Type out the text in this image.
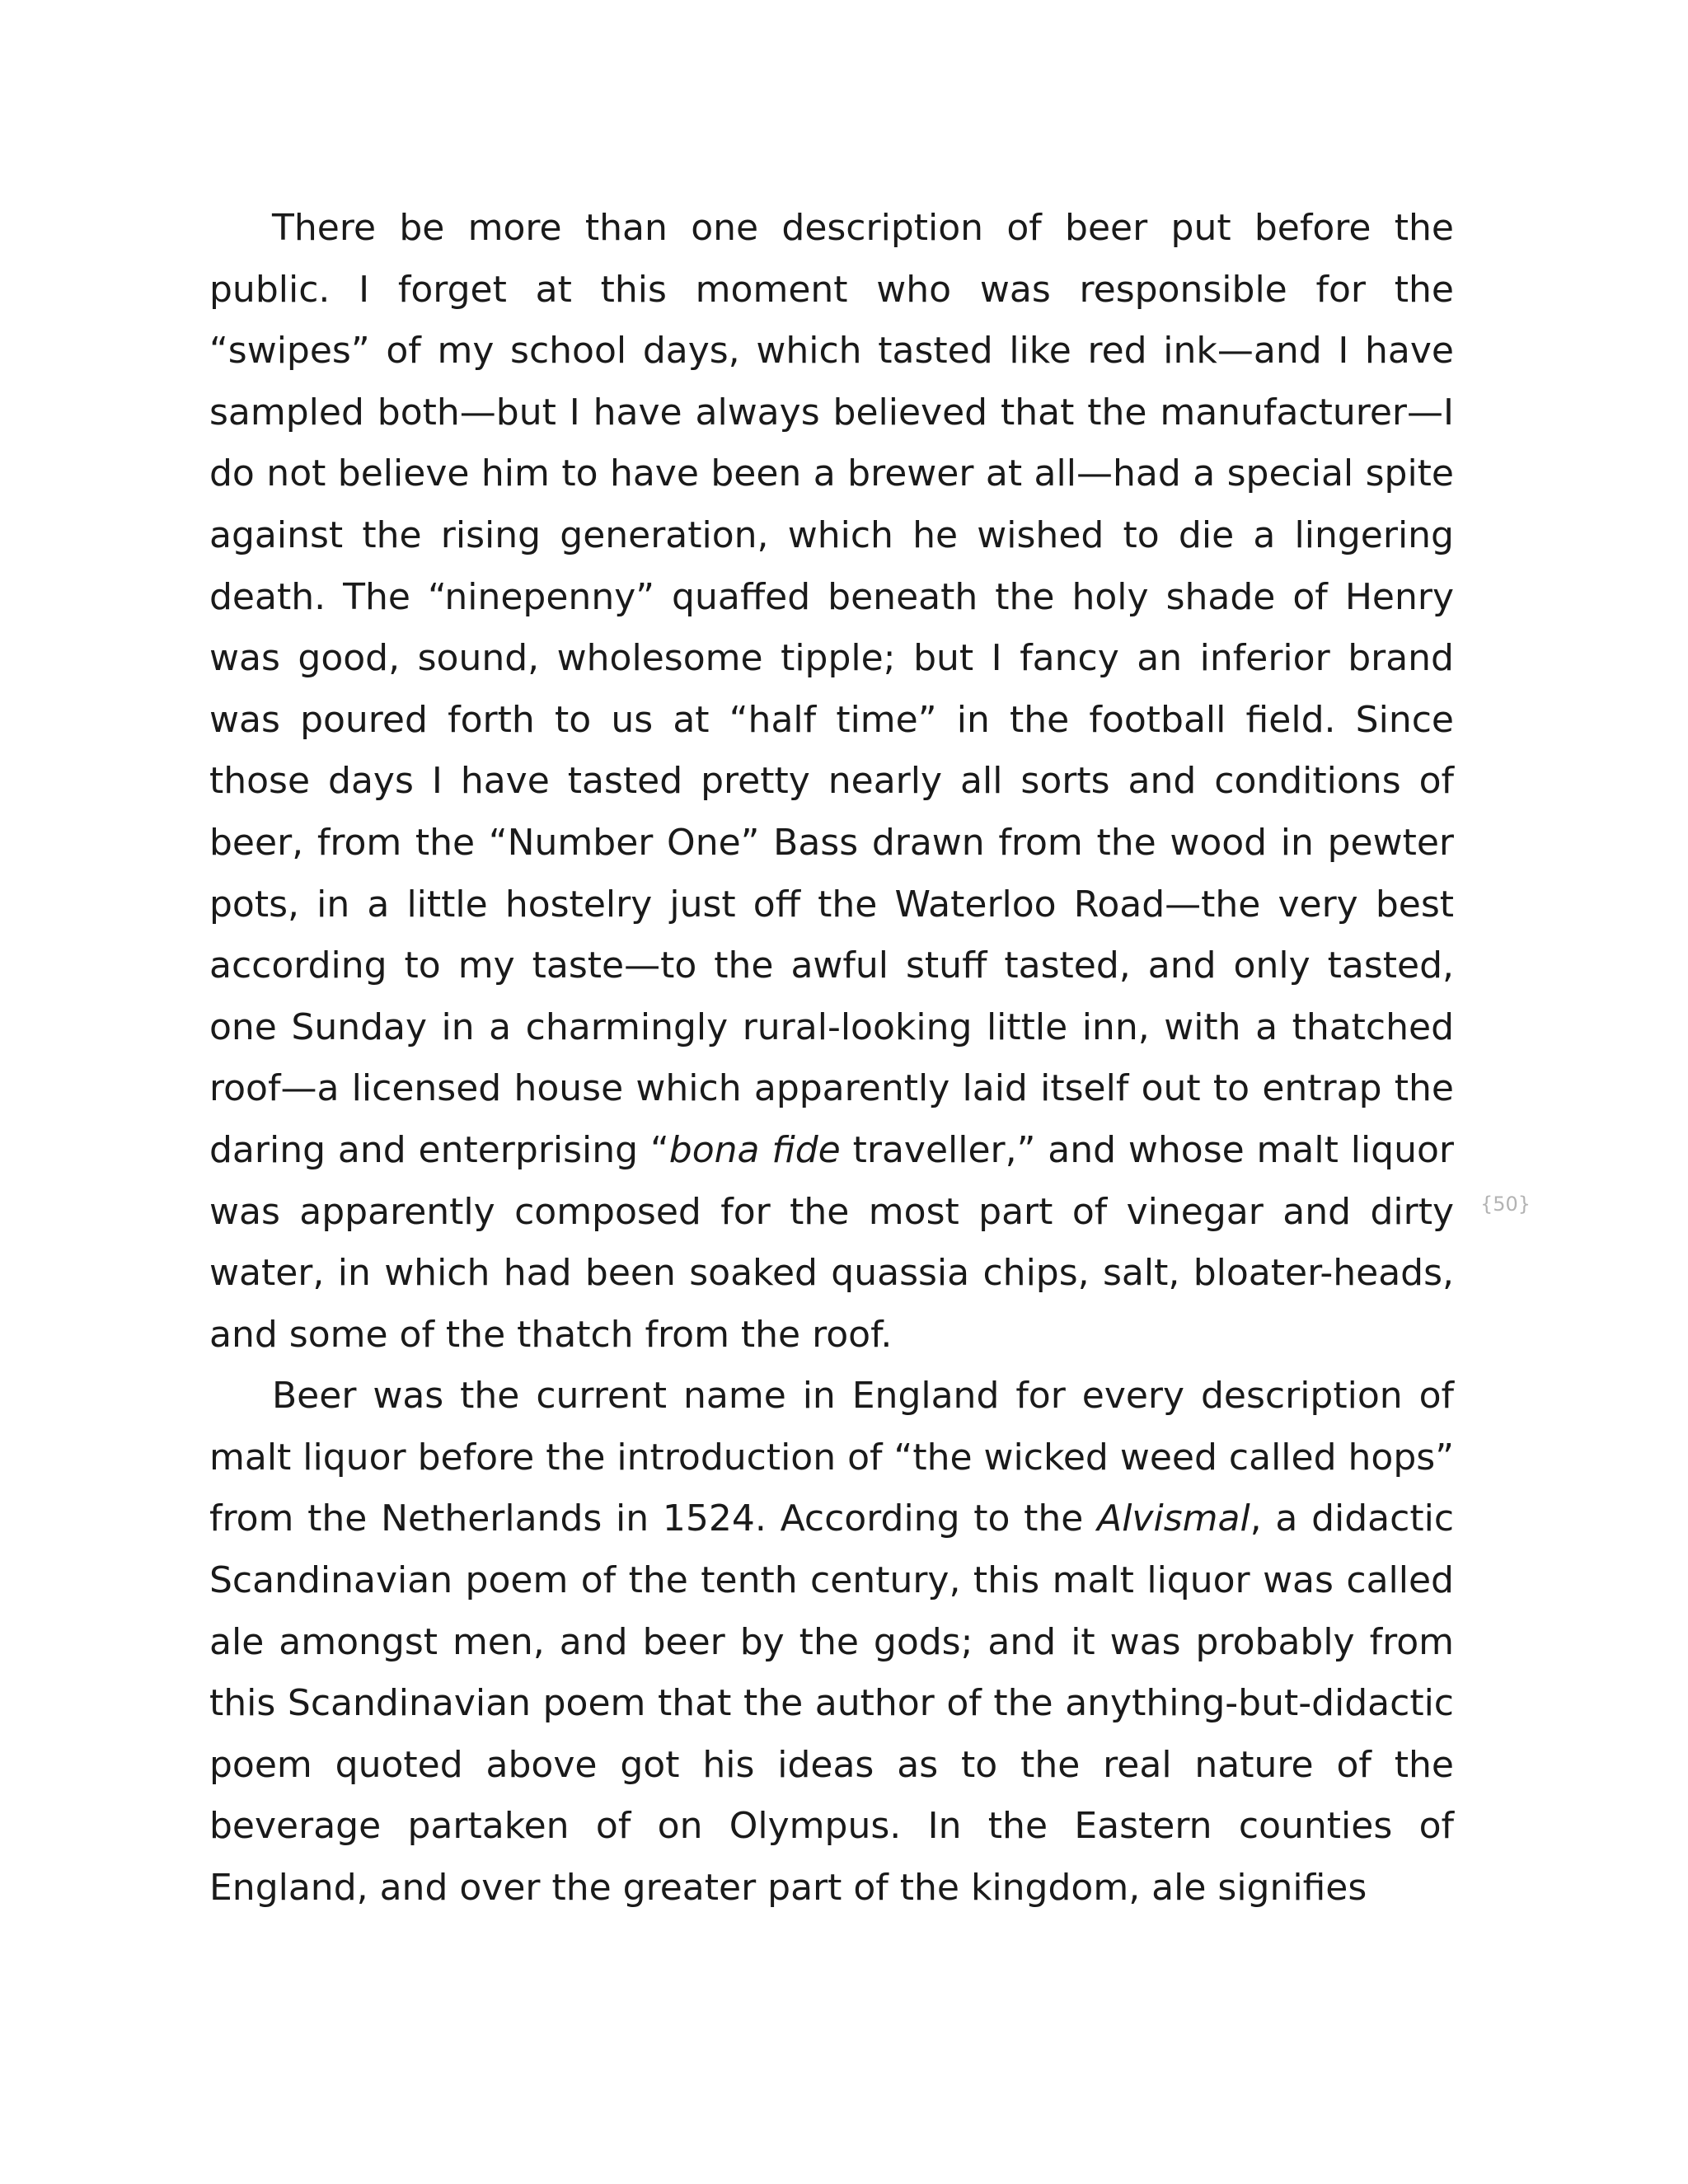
There be more than one description of beer put before the public. I forget at this moment who was responsible for the “swipes” of my school days, which tasted like red ink—and I have sampled both—but I have always believed that the manufacturer—I do not believe him to have been a brewer at all—had a special spite against the rising generation, which he wished to die a lingering death. The “ninepenny” quaffed beneath the holy shade of Henry was good, sound, wholesome tipple; but I fancy an inferior brand was poured forth to us at “half time” in the football field. Since those days I have tasted pretty nearly all sorts and conditions of beer, from the “Number One” Bass drawn from the wood in pewter pots, in a little hostelry just off the Waterloo Road—the very best according to my taste—to the awful stuff tasted, and only tasted, one Sunday in a charmingly rural-looking little inn, with a thatched roof—a licensed house which apparently laid itself out to entrap the daring and enterprising “bona fide traveller,” and whose malt liquor was apparently composed for the most part of vinegar and dirty water, in which had been soaked quassia chips, salt, bloater-heads, and some of the thatch from the roof.

Beer was the current name in England for every description of malt liquor before the introduction of “the wicked weed called hops” from the Netherlands in 1524. According to the Alvismal, a didactic Scandinavian poem of the tenth century, this malt liquor was called ale amongst men, and beer by the gods; and it was probably from this Scandinavian poem that the author of the anything-but-didactic poem quoted above got his ideas as to the real nature of the beverage partaken of on Olympus. In the Eastern counties of England, and over the greater part of the kingdom, ale signifies

{50}
